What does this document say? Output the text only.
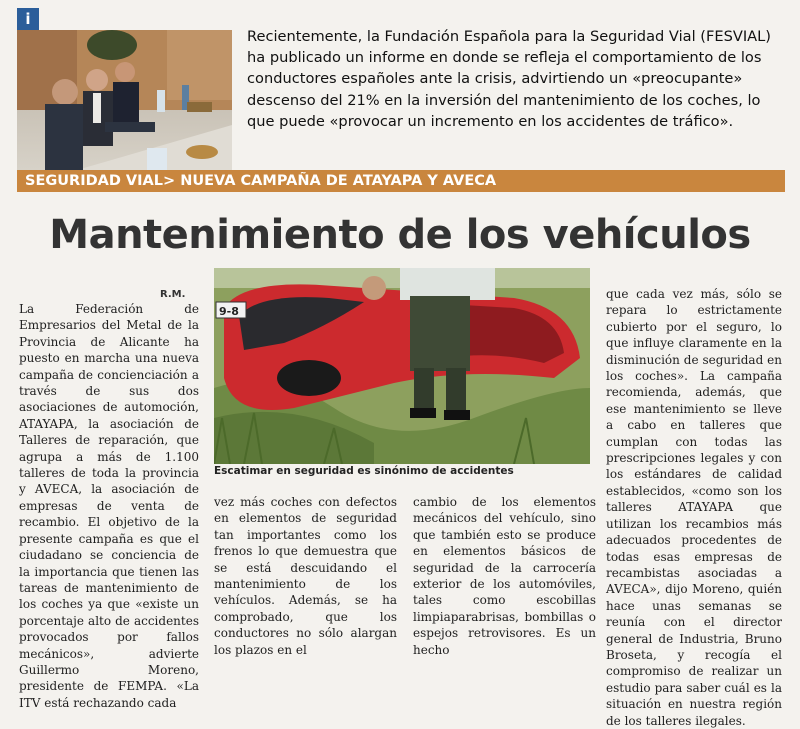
i

Recientemente, la Fundación Española para la Seguridad Vial (FESVIAL) ha publicado un informe en donde se refleja el comportamiento de los conductores españoles ante la crisis, advirtiendo un «preocupante» descenso del 21% en la inversión del mantenimiento de los coches, lo que puede «provocar un incremento en los accidentes de tráfico».

SEGURIDAD VIAL> NUEVA CAMPAÑA DE ATAYAPA Y AVECA
Mantenimiento de los vehículos
R.M.

La Federación de Empresarios del Metal de la Provincia de Alicante ha puesto en marcha una nueva campaña de concienciación a través de sus dos asociaciones de automoción, ATAYAPA, la asociación de Talleres de reparación, que agrupa a más de 1.100 talleres de toda la provincia y AVECA, la asociación de empresas de venta de recambio. El objetivo de la presente campaña es que el ciudadano se conciencia de la importancia que tienen las tareas de mantenimiento de los coches ya que «existe un porcentaje alto de accidentes provocados por fallos mecánicos», advierte Guillermo Moreno, presidente de FEMPA. «La ITV está rechazando cada

9-8
Escatimar en seguridad es sinónimo de accidentes

vez más coches con defectos en elementos de seguridad tan importantes como los frenos lo que demuestra que se está descuidando el mantenimiento de los vehículos. Además, se ha comprobado, que los conductores no sólo alargan los plazos en el

cambio de los elementos mecánicos del vehículo, sino que también esto se produce en elementos básicos de seguridad de la carrocería exterior de los automóviles, tales como escobillas limpiaparabrisas, bombillas o espejos retrovisores. Es un hecho

que cada vez más, sólo se repara lo estrictamente cubierto por el seguro, lo que influye claramente en la disminución de seguridad en los coches». La campaña recomienda, además, que ese mantenimiento se lleve a cabo en talleres que cumplan con todas las prescripciones legales y con los estándares de calidad establecidos, «como son los talleres ATAYAPA que utilizan los recambios más adecuados procedentes de todas esas empresas de recambistas asociadas a AVECA», dijo Moreno, quién hace unas semanas se reunía con el director general de Industria, Bruno Broseta, y recogía el compromiso de realizar un estudio para saber cuál es la situación en nuestra región de los talleres ilegales.
